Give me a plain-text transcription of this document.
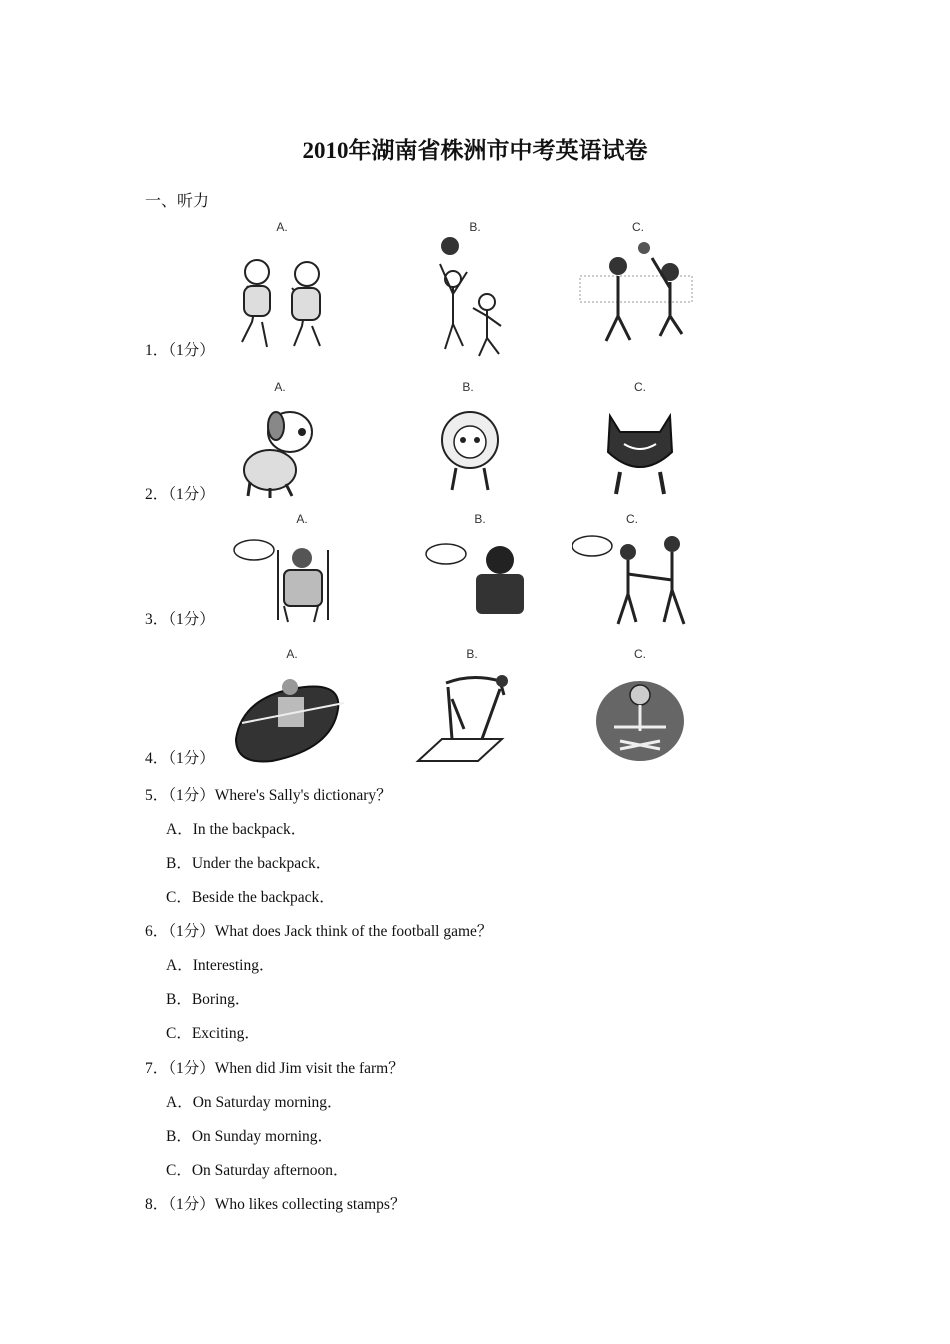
2010年湖南省株洲市中考英语试卷
一、听力
1．（1分）
A.	B.	C.
2．（1分）
A.	B.	C.
3．（1分）
A.	B.	C.
4．（1分）
A.	B.	C.
5．（1分）Where's Sally's dictionary？
A．In the backpack．
B．Under the backpack．
C．Beside the backpack．
6．（1分）What does Jack think of the football game？
A．Interesting．
B．Boring．
C．Exciting．
7．（1分）When did Jim visit the farm？
A．On Saturday morning．
B．On Sunday morning．
C．On Saturday afternoon．
8．（1分）Who likes collecting stamps？
